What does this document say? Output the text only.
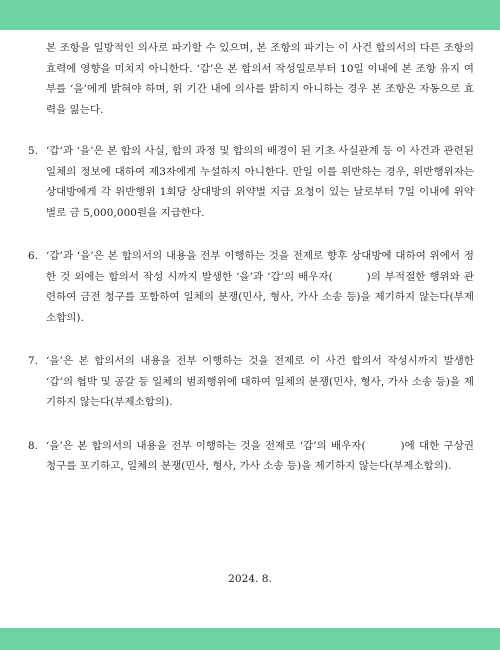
본 조항을 일방적인 의사로 파기할 수 있으며, 본 조항의 파기는 이 사건 합의서의 다른 조항의 효력에 영향을 미치지 아니한다. ‘갑’은 본 합의서 작성일로부터 10일 이내에 본 조항 유지 여부를 ‘을’에게 밝혀야 하며, 위 기간 내에 의사를 밝히지 아니하는 경우 본 조항은 자동으로 효력을 잃는다.
5. ‘갑’과 ‘을’은 본 합의 사실, 합의 과정 및 합의의 배경이 된 기초 사실관계 등 이 사건과 관련된 일체의 정보에 대하여 제3자에게 누설하지 아니한다. 만일 이를 위반하는 경우, 위반행위자는 상대방에게 각 위반행위 1회당 상대방의 위약벌 지급 요청이 있는 날로부터 7일 이내에 위약벌로 금 5,000,000원을 지급한다.
6. ‘갑’과 ‘을’은 본 합의서의 내용을 전부 이행하는 것을 전제로 향후 상대방에 대하여 위에서 정한 것 외에는 합의서 작성 시까지 발생한 ‘을’과 ‘갑’의 배우자(　　　)의 부적절한 행위와 관련하여 금전 청구를 포함하여 일체의 분쟁(민사, 형사, 가사 소송 등)을 제기하지 않는다(부제소합의).
7. ‘을’은 본 합의서의 내용을 전부 이행하는 것을 전제로 이 사건 합의서 작성시까지 발생한 ‘갑’의 협박 및 공갈 등 일체의 범죄행위에 대하여 일체의 분쟁(민사, 형사, 가사 소송 등)을 제기하지 않는다(부제소합의).
8. ‘을’은 본 합의서의 내용을 전부 이행하는 것을 전제로 ‘갑’의 배우자(　　　)에 대한 구상권 청구를 포기하고, 일체의 분쟁(민사, 형사, 가사 소송 등)을 제기하지 않는다(부제소합의).
2024. 8.
